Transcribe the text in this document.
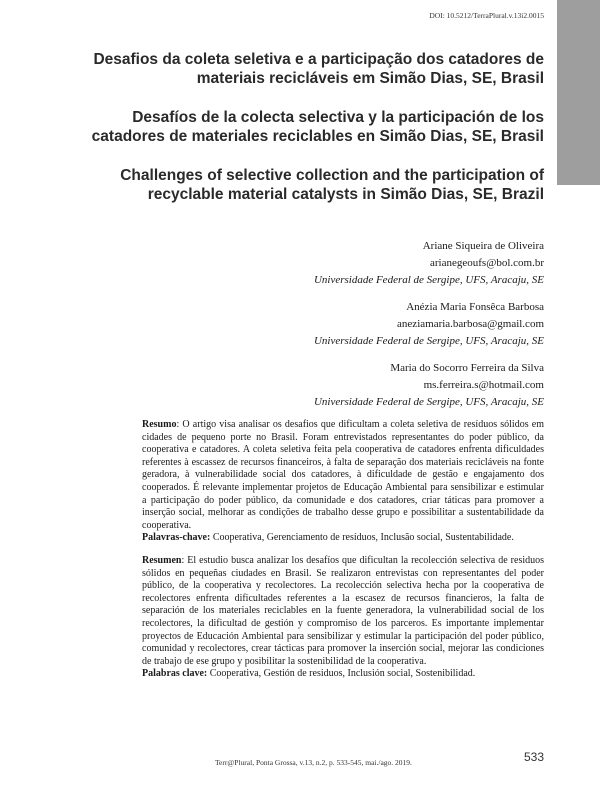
DOI: 10.5212/TerraPlural.v.13i2.0015
Desafios da coleta seletiva e a participação dos catadores de materiais recicláveis em Simão Dias, SE, Brasil
Desafíos de la colecta selectiva y la participación de los catadores de materiales reciclables en Simão Dias, SE, Brasil
Challenges of selective collection and the participation of recyclable material catalysts in Simão Dias, SE, Brazil
Ariane Siqueira de Oliveira
arianegeoufs@bol.com.br
Universidade Federal de Sergipe, UFS, Aracaju, SE
Anézia Maria Fonsêca Barbosa
aneziamaria.barbosa@gmail.com
Universidade Federal de Sergipe, UFS, Aracaju, SE
Maria do Socorro Ferreira da Silva
ms.ferreira.s@hotmail.com
Universidade Federal de Sergipe, UFS, Aracaju, SE

Resumo: O artigo visa analisar os desafios que dificultam a coleta seletiva de resíduos sólidos em cidades de pequeno porte no Brasil. Foram entrevistados representantes do poder público, da cooperativa e catadores. A coleta seletiva feita pela cooperativa de catadores enfrenta dificuldades referentes à escassez de recursos financeiros, à falta de separação dos materiais recicláveis na fonte geradora, à vulnerabilidade social dos catadores, à dificuldade de gestão e engajamento dos cooperados. É relevante implementar projetos de Educação Ambiental para sensibilizar e estimular a participação do poder público, da comunidade e dos catadores, criar táticas para promover a inserção social, melhorar as condições de trabalho desse grupo e possibilitar a sustentabilidade da cooperativa.

Palavras-chave: Cooperativa, Gerenciamento de resíduos, Inclusão social, Sustentabilidade.

Resumen: El estudio busca analizar los desafíos que dificultan la recolección selectiva de residuos sólidos en pequeñas ciudades en Brasil. Se realizaron entrevistas con representantes del poder público, de la cooperativa y recolectores. La recolección selectiva hecha por la cooperativa de recolectores enfrenta dificultades referentes a la escasez de recursos financieros, la falta de separación de los materiales reciclables en la fuente generadora, la vulnerabilidad social de los recolectores, la dificultad de gestión y compromiso de los parceros. Es importante implementar proyectos de Educación Ambiental para sensibilizar y estimular la participación del poder público, comunidad y recolectores, crear tácticas para promover la inserción social, mejorar las condiciones de trabajo de ese grupo y posibilitar la sostenibilidad de la cooperativa.

Palabras clave: Cooperativa, Gestión de residuos, Inclusión social, Sostenibilidad.

Terr@Plural, Ponta Grossa, v.13, n.2, p. 533-545, mai./ago. 2019.	533
